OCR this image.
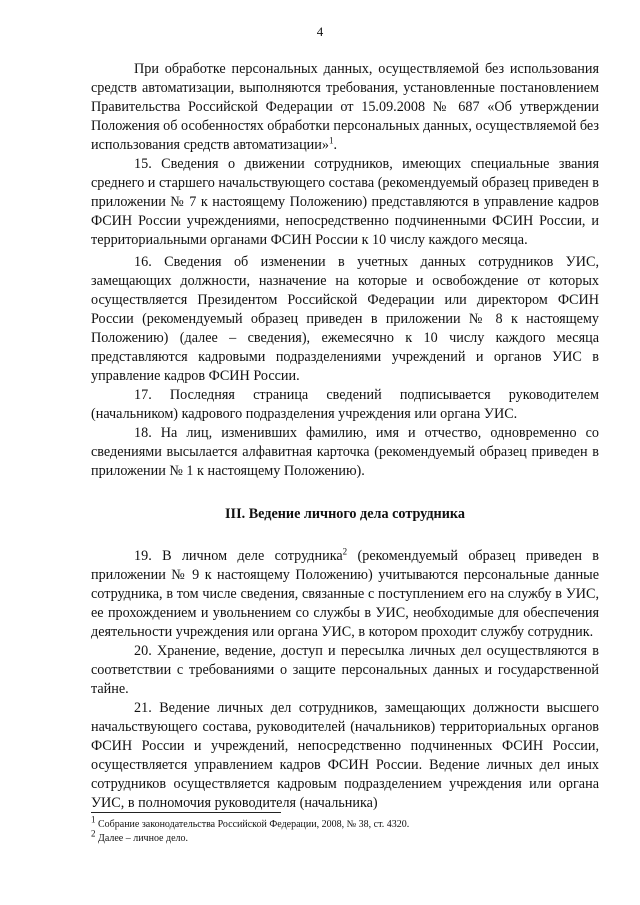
4

При обработке персональных данных, осуществляемой без использования средств автоматизации, выполняются требования, установленные постановлением Правительства Российской Федерации от 15.09.2008 № 687 «Об утверждении Положения об особенностях обработки персональных данных, осуществляемой без использования средств автоматизации»$^1$.

15. Сведения о движении сотрудников, имеющих специальные звания среднего и старшего начальствующего состава (рекомендуемый образец приведен в приложении № 7 к настоящему Положению) представляются в управление кадров ФСИН России учреждениями, непосредственно подчиненными ФСИН России, и территориальными органами ФСИН России к 10 числу каждого месяца.

16. Сведения об изменении в учетных данных сотрудников УИС, замещающих должности, назначение на которые и освобождение от которых осуществляется Президентом Российской Федерации или директором ФСИН России (рекомендуемый образец приведен в приложении № 8 к настоящему Положению) (далее – сведения), ежемесячно к 10 числу каждого месяца представляются кадровыми подразделениями учреждений и органов УИС в управление кадров ФСИН России.

17. Последняя страница сведений подписывается руководителем (начальником) кадрового подразделения учреждения или органа УИС.

18. На лиц, изменивших фамилию, имя и отчество, одновременно со сведениями высылается алфавитная карточка (рекомендуемый образец приведен в приложении № 1 к настоящему Положению).

III. Ведение личного дела сотрудника

19. В личном деле сотрудника$^2$ (рекомендуемый образец приведен в приложении № 9 к настоящему Положению) учитываются персональные данные сотрудника, в том числе сведения, связанные с поступлением его на службу в УИС, ее прохождением и увольнением со службы в УИС, необходимые для обеспечения деятельности учреждения или органа УИС, в котором проходит службу сотрудник.

20. Хранение, ведение, доступ и пересылка личных дел осуществляются в соответствии с требованиями о защите персональных данных и государственной тайне.

21. Ведение личных дел сотрудников, замещающих должности высшего начальствующего состава, руководителей (начальников) территориальных органов ФСИН России и учреждений, непосредственно подчиненных ФСИН России, осуществляется управлением кадров ФСИН России. Ведение личных дел иных сотрудников осуществляется кадровым подразделением учреждения или органа УИС, в полномочия руководителя (начальника)

$^1$ Собрание законодательства Российской Федерации, 2008, № 38, ст. 4320.
$^2$ Далее – личное дело.
